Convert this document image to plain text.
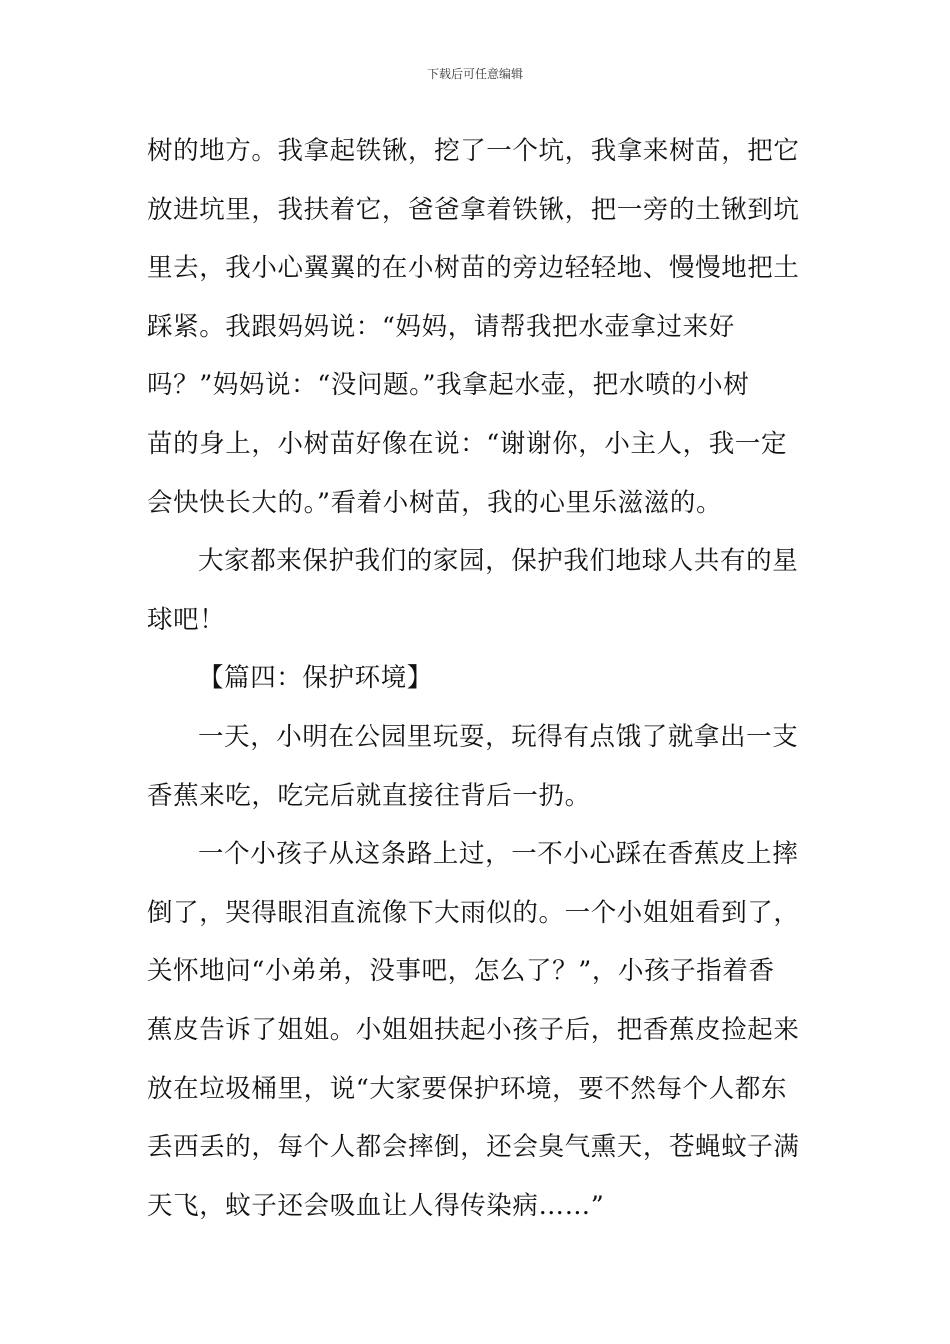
下载后可任意编辑

树的地方。我拿起铁锹，挖了一个坑，我拿来树苗，把它
放进坑里，我扶着它，爸爸拿着铁锹，把一旁的土锹到坑
里去，我小心翼翼的在小树苗的旁边轻轻地、慢慢地把土
踩紧。我跟妈妈说：“妈妈，请帮我把水壶拿过来好
吗？”妈妈说：“没问题。”我拿起水壶，把水喷的小树
苗的身上，小树苗好像在说：“谢谢你，小主人，我一定
会快快长大的。”看着小树苗，我的心里乐滋滋的。

大家都来保护我们的家园，保护我们地球人共有的星
球吧！

【篇四：保护环境】

一天，小明在公园里玩耍，玩得有点饿了就拿出一支
香蕉来吃，吃完后就直接往背后一扔。

一个小孩子从这条路上过，一不小心踩在香蕉皮上摔
倒了，哭得眼泪直流像下大雨似的。一个小姐姐看到了，
关怀地问“小弟弟，没事吧，怎么了？”，小孩子指着香
蕉皮告诉了姐姐。小姐姐扶起小孩子后，把香蕉皮捡起来
放在垃圾桶里，说“大家要保护环境，要不然每个人都东
丢西丢的，每个人都会摔倒，还会臭气熏天，苍蝇蚊子满
天飞，蚊子还会吸血让人得传染病……”
